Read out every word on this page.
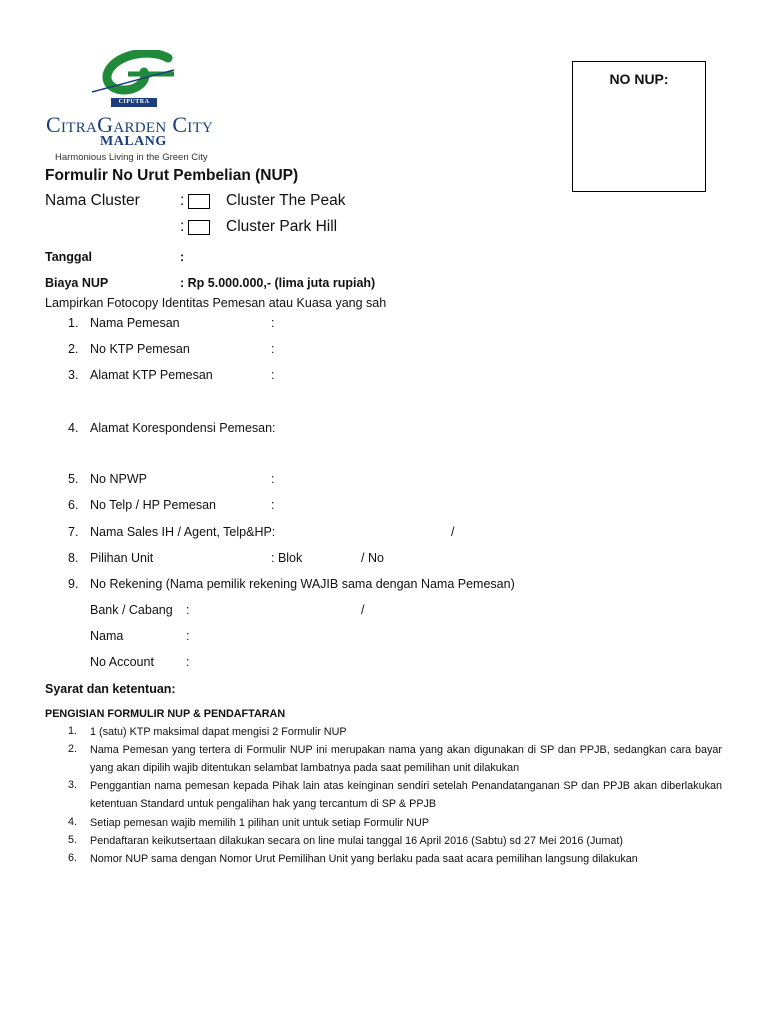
CIPUTRA
CitraGarden City
MALANG
Harmonious Living in the Green City
NO NUP:
Formulir No Urut Pembelian (NUP)
Nama Cluster	:	Cluster The Peak
:	Cluster Park Hill
Tanggal	:
Biaya NUP	: Rp 5.000.000,- (lima juta rupiah)
Lampirkan Fotocopy Identitas Pemesan atau Kuasa yang sah
1. Nama Pemesan	:
2. No KTP Pemesan	:
3. Alamat KTP Pemesan	:
4. Alamat Korespondensi Pemesan:
5. No NPWP	:
6. No Telp / HP Pemesan	:
7. Nama Sales IH / Agent, Telp&HP:	/
8. Pilihan Unit	: Blok	/ No
9. No Rekening (Nama pemilik rekening WAJIB sama dengan Nama Pemesan)
Bank / Cabang :	/
Nama	:
No Account	:
Syarat dan ketentuan:
PENGISIAN FORMULIR NUP & PENDAFTARAN
1. 1 (satu) KTP maksimal dapat mengisi 2 Formulir NUP
2. Nama Pemesan yang tertera di Formulir NUP ini merupakan nama yang akan digunakan di SP dan PPJB, sedangkan cara bayar yang akan dipilih wajib ditentukan selambat lambatnya pada saat pemilihan unit dilakukan
3. Penggantian nama pemesan kepada Pihak lain atas keinginan sendiri setelah Penandatanganan SP dan PPJB akan diberlakukan ketentuan Standard untuk pengalihan hak yang tercantum di SP & PPJB
4. Setiap pemesan wajib memilih 1 pilihan unit untuk setiap Formulir NUP
5. Pendaftaran keikutsertaan dilakukan secara on line mulai tanggal 16 April 2016 (Sabtu) sd 27 Mei 2016 (Jumat)
6. Nomor NUP sama dengan Nomor Urut Pemilihan Unit yang berlaku pada saat acara pemilihan langsung dilakukan
